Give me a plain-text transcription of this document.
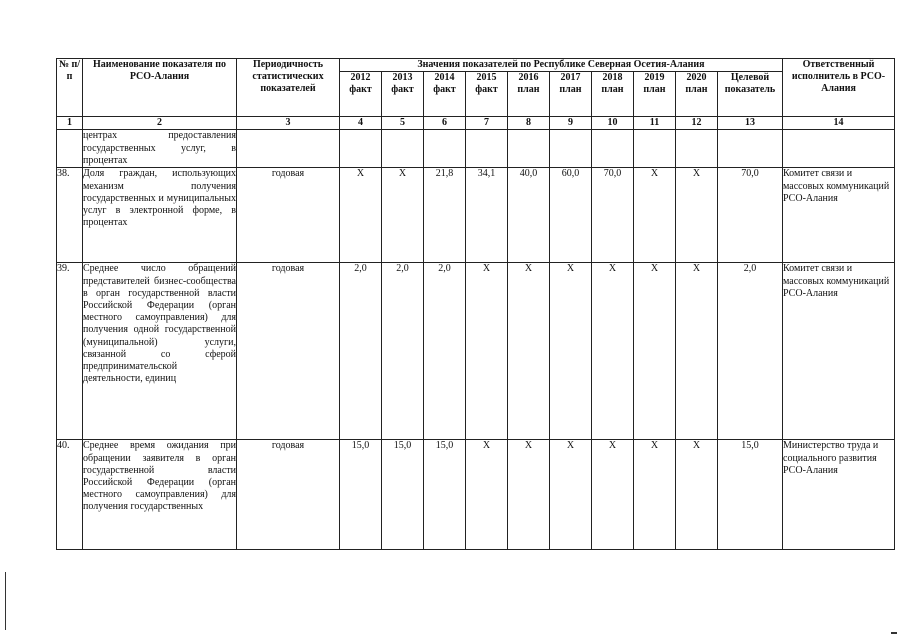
№ п/п	Наименование показателя по РСО-Алания	Периодичность статистических показателей	Значения показателей по Республике Северная Осетия-Алания										Ответственный исполнитель в РСО-Алания
			2012 факт	2013 факт	2014 факт	2015 факт	2016 план	2017 план	2018 план	2019 план	2020 план	Целевой показатель	
1	2	3	4	5	6	7	8	9	10	11	12	13	14
	центрах предоставления государственных услуг, в процентах												
38.	Доля граждан, использующих механизм получения государственных и муниципальных услуг в электронной форме, в процентах	годовая	Х	Х	21,8	34,1	40,0	60,0	70,0	Х	Х	70,0	Комитет связи и массовых коммуникаций РСО-Алания
39.	Среднее число обращений представителей бизнес-сообщества в орган государственной власти Российской Федерации (орган местного самоуправления) для получения одной государственной (муниципальной) услуги, связанной со сферой предпринимательской деятельности, единиц	годовая	2,0	2,0	2,0	Х	Х	Х	Х	Х	Х	2,0	Комитет связи и массовых коммуникаций РСО-Алания
40.	Среднее время ожидания при обращении заявителя в орган государственной власти Российской Федерации (орган местного самоуправления) для получения государственных	годовая	15,0	15,0	15,0	Х	Х	Х	Х	Х	Х	15,0	Министерство труда и социального развития РСО-Алания
